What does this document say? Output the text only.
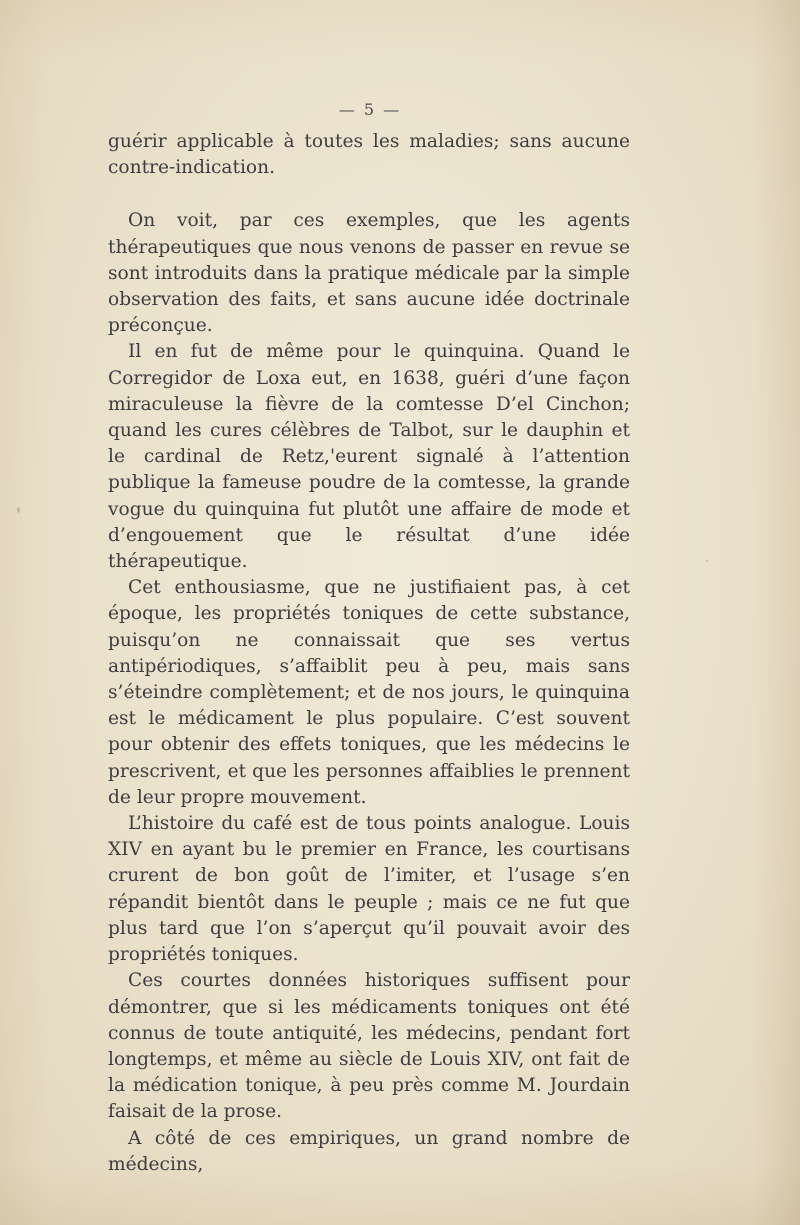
— 5 —

guérir applicable à toutes les maladies; sans aucune contre-indication.

On voit, par ces exemples, que les agents thérapeutiques que nous venons de passer en revue se sont introduits dans la pratique médicale par la simple observation des faits, et sans aucune idée doctrinale préconçue.

Il en fut de même pour le quinquina. Quand le Corregidor de Loxa eut, en 1638, guéri d’une façon miraculeuse la fièvre de la comtesse D’el Cinchon; quand les cures célèbres de Talbot, sur le dauphin et le cardinal de Retz,'eurent signalé à l’attention publique la fameuse poudre de la comtesse, la grande vogue du quinquina fut plutôt une affaire de mode et d’engouement que le résultat d’une idée thérapeutique.

Cet enthousiasme, que ne justifiaient pas, à cet époque, les propriétés toniques de cette substance, puisqu’on ne connaissait que ses vertus antipériodiques, s’affaiblit peu à peu, mais sans s’éteindre complètement; et de nos jours, le quinquina est le médicament le plus populaire. C’est souvent pour obtenir des effets toniques, que les médecins le prescrivent, et que les personnes affaiblies le prennent de leur propre mouvement.

L’histoire du café est de tous points analogue. Louis XIV en ayant bu le premier en France, les courtisans crurent de bon goût de l’imiter, et l’usage s’en répandit bientôt dans le peuple ; mais ce ne fut que plus tard que l’on s’aperçut qu’il pouvait avoir des propriétés toniques.

Ces courtes données historiques suffisent pour démontrer, que si les médicaments toniques ont été connus de toute antiquité, les médecins, pendant fort longtemps, et même au siècle de Louis XIV, ont fait de la médication tonique, à peu près comme M. Jourdain faisait de la prose.

A côté de ces empiriques, un grand nombre de médecins,
